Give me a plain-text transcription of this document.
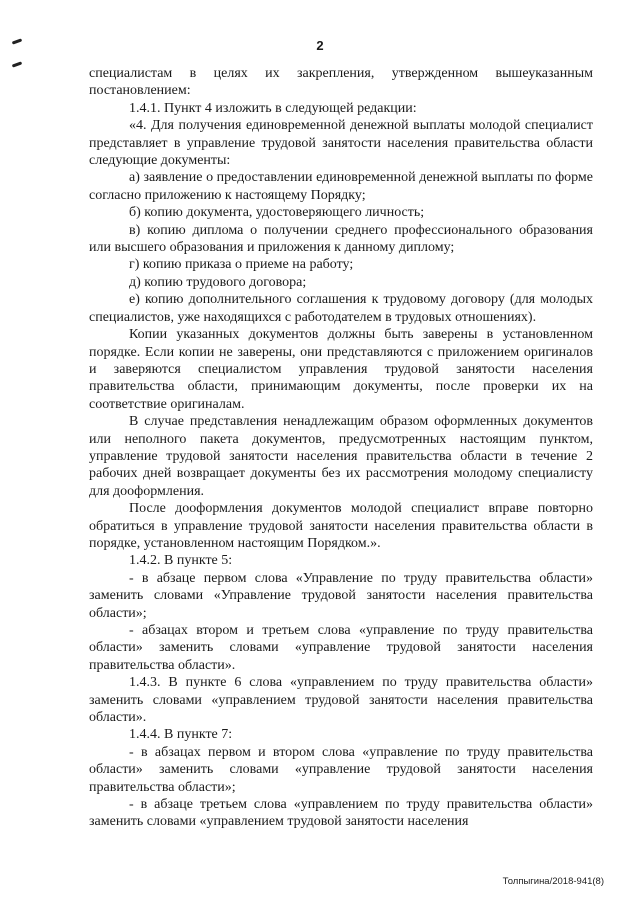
2

специалистам в целях их закрепления, утвержденном вышеуказанным постановлением:

1.4.1. Пункт 4 изложить в следующей редакции:

«4. Для получения единовременной денежной выплаты молодой специалист представляет в управление трудовой занятости населения правительства области следующие документы:

а) заявление о предоставлении единовременной денежной выплаты по форме согласно приложению к настоящему Порядку;

б) копию документа, удостоверяющего личность;

в) копию диплома о получении среднего профессионального образования или высшего образования и приложения к данному диплому;

г) копию приказа о приеме на работу;

д) копию трудового договора;

е) копию дополнительного соглашения к трудовому договору (для молодых специалистов, уже находящихся с работодателем в трудовых отношениях).

Копии указанных документов должны быть заверены в установленном порядке. Если копии не заверены, они представляются с приложением оригиналов и заверяются специалистом управления трудовой занятости населения правительства области, принимающим документы, после проверки их на соответствие оригиналам.

В случае представления ненадлежащим образом оформленных документов или неполного пакета документов, предусмотренных настоящим пунктом, управление трудовой занятости населения правительства области в течение 2 рабочих дней возвращает документы без их рассмотрения молодому специалисту для дооформления.

После дооформления документов молодой специалист вправе повторно обратиться в управление трудовой занятости населения правительства области в порядке, установленном настоящим Порядком.».

1.4.2. В пункте 5:

- в абзаце первом слова «Управление по труду правительства области» заменить словами «Управление трудовой занятости населения правительства области»;

- абзацах втором и третьем слова «управление по труду правительства области» заменить словами «управление трудовой занятости населения правительства области».

1.4.3. В пункте 6 слова «управлением по труду правительства области» заменить словами «управлением трудовой занятости населения правительства области».

1.4.4. В пункте 7:

- в абзацах первом и втором слова «управление по труду правительства области» заменить словами «управление трудовой занятости населения правительства области»;

- в абзаце третьем слова «управлением по труду правительства области» заменить словами «управлением трудовой занятости населения

Толпыгина/2018-941(8)
